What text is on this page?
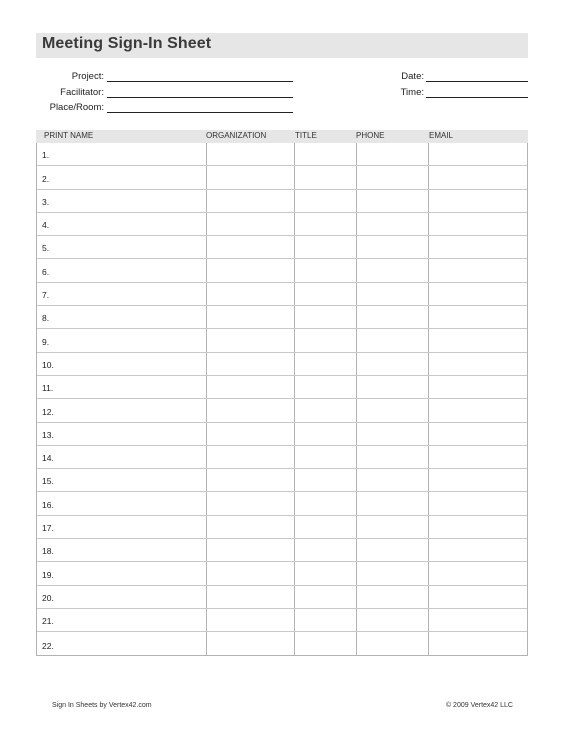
Meeting Sign-In Sheet
Project:
Facilitator:
Place/Room:
Date:
Time:
PRINT NAME	ORGANIZATION	TITLE	PHONE	EMAIL
1.
2.
3.
4.
5.
6.
7.
8.
9.
10.
11.
12.
13.
14.
15.
16.
17.
18.
19.
20.
21.
22.
Sign In Sheets by Vertex42.com	© 2009 Vertex42 LLC
